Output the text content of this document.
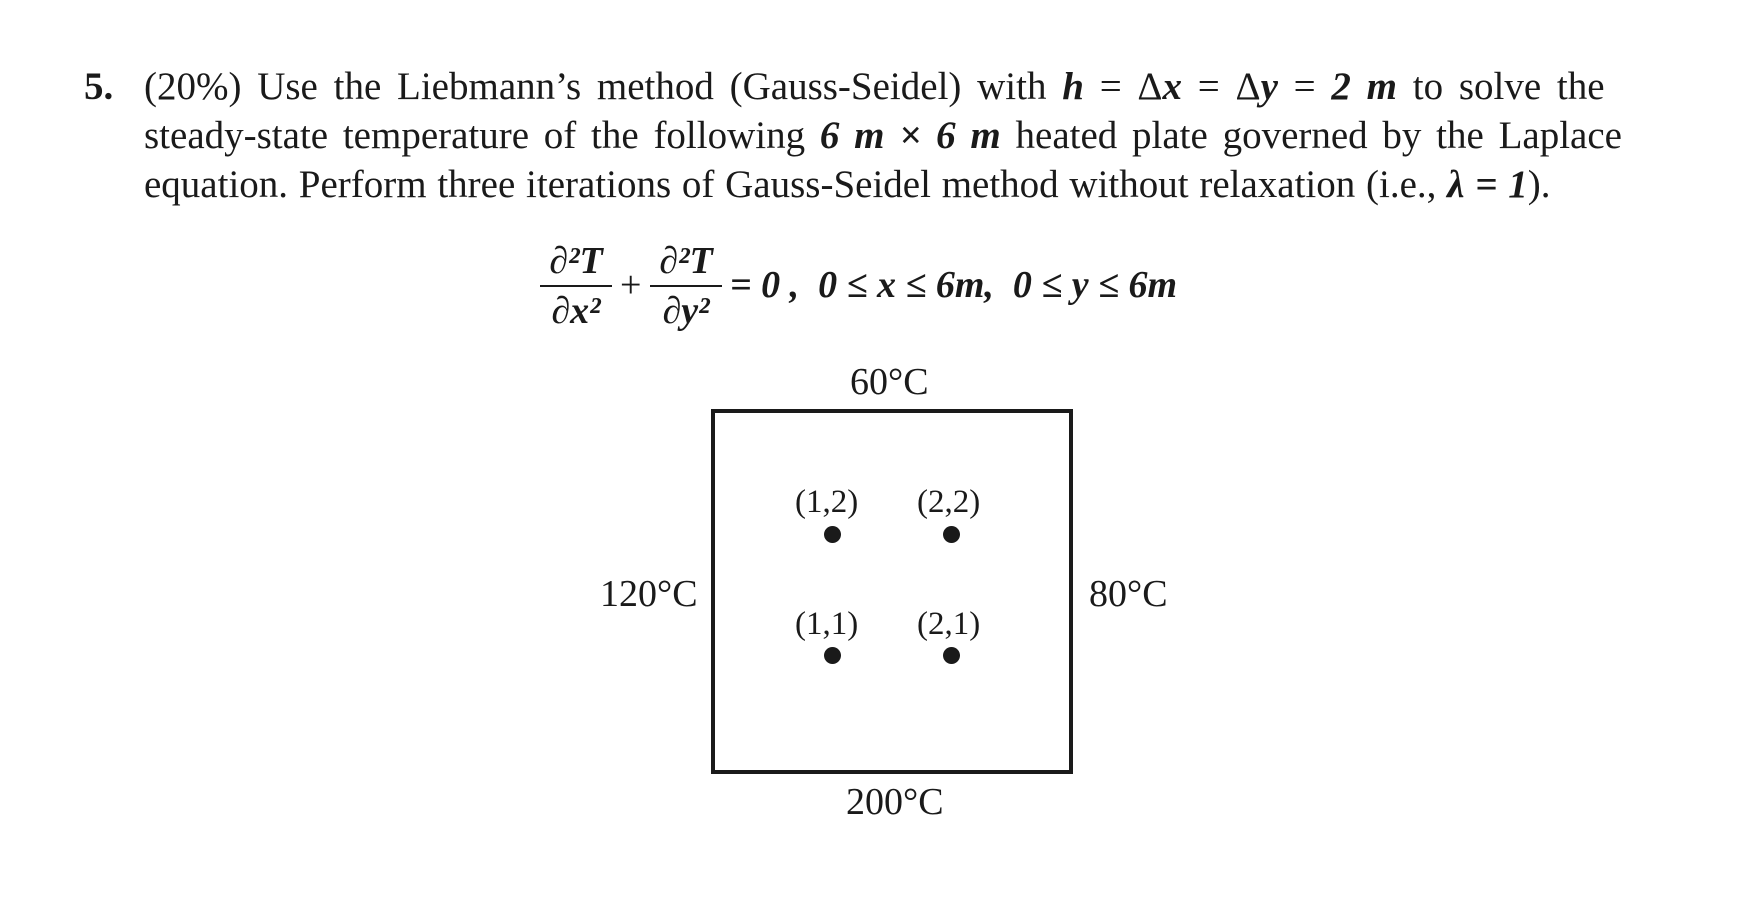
5. (20%) Use the Liebmann’s method (Gauss-Seidel) with h = Δx = Δy = 2 m to solve the
steady-state temperature of the following 6 m × 6 m heated plate governed by the Laplace
equation. Perform three iterations of Gauss-Seidel method without relaxation (i.e., λ = 1).
∂²T
∂x²
+
∂²T
∂y²
= 0 ,  0 ≤ x ≤ 6m,  0 ≤ y ≤ 6m
60°C
120°C	80°C
200°C
(1,2) (2,2)
(1,1) (2,1)
